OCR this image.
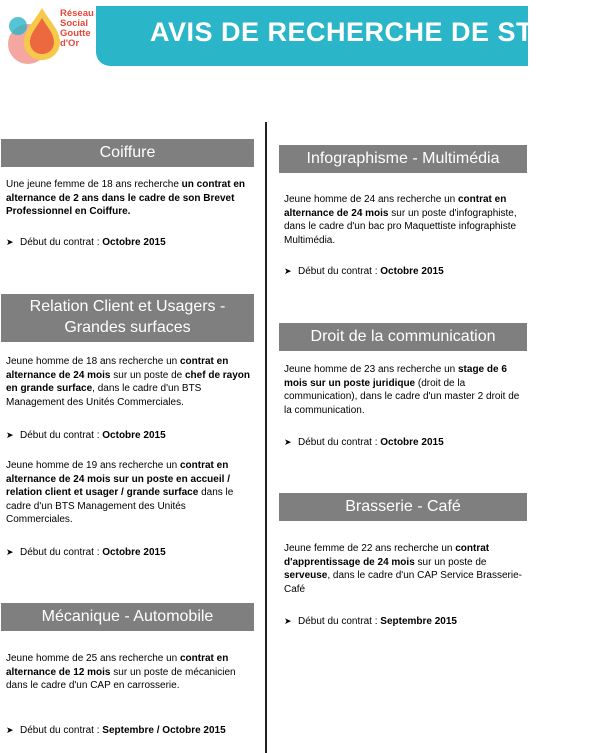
AVIS DE RECHERCHE DE STAGES
Réseau Social Goutte d'Or
Coiffure
Une jeune femme de 18 ans recherche un contrat en alternance de 2 ans dans le cadre de son Brevet Professionnel en Coiffure.
➤ Début du contrat : Octobre 2015
Relation Client et Usagers - Grandes surfaces
Jeune homme de 18 ans recherche un contrat en alternance de 24 mois sur un poste de chef de rayon en grande surface, dans le cadre d'un BTS Management des Unités Commerciales.
➤ Début du contrat : Octobre 2015
Jeune homme de 19 ans recherche un contrat en alternance de 24 mois sur un poste en accueil / relation client et usager / grande surface dans le cadre d'un BTS Management des Unités Commerciales.
➤ Début du contrat : Octobre 2015
Mécanique - Automobile
Jeune homme de 25 ans recherche un contrat en alternance de 12 mois sur un poste de mécanicien dans le cadre d'un CAP en carrosserie.
➤ Début du contrat : Septembre / Octobre 2015
Infographisme - Multimédia
Jeune homme de 24 ans recherche un contrat en alternance de 24 mois sur un poste d'infographiste, dans le cadre d'un bac pro Maquettiste infographiste Multimédia.
➤ Début du contrat : Octobre 2015
Droit de la communication
Jeune homme de 23 ans recherche un stage de 6 mois sur un poste juridique (droit de la communication), dans le cadre d'un master 2 droit de la communication.
➤ Début du contrat : Octobre 2015
Brasserie - Café
Jeune femme de 22 ans recherche un contrat d'apprentissage de 24 mois sur un poste de serveuse, dans le cadre d'un CAP Service Brasserie-Café
➤ Début du contrat : Septembre 2015
